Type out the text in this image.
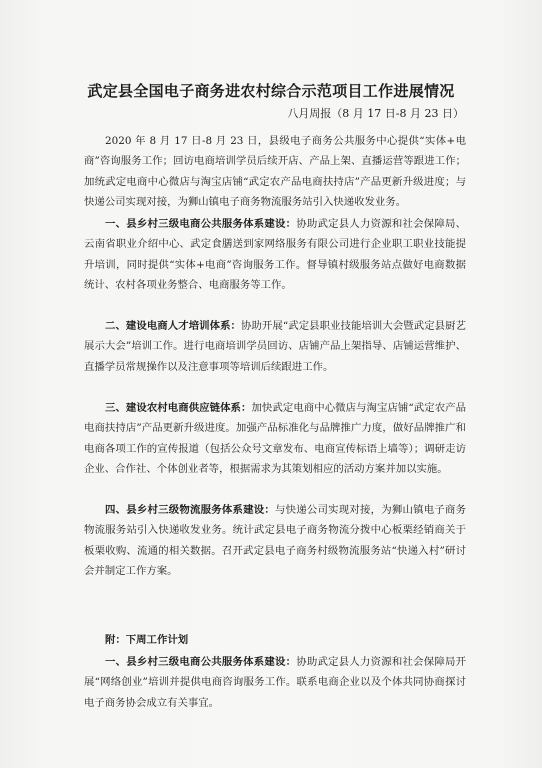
武定县全国电子商务进农村综合示范项目工作进展情况
八月周报（8 月 17 日-8 月 23 日）

2020 年 8 月 17 日-8 月 23 日，县级电子商务公共服务中心提供“实体+电商”咨询服务工作；回访电商培训学员后续开店、产品上架、直播运营等跟进工作；加统武定电商中心微店与淘宝店铺“武定农产品电商扶持店”产品更新升级进度；与快递公司实现对接，为狮山镇电子商务物流服务站引入快递收发业务。

一、县乡村三级电商公共服务体系建设：协助武定县人力资源和社会保障局、云南省职业介绍中心、武定食膳送到家网络服务有限公司进行企业职工职业技能提升培训，同时提供“实体+电商”咨询服务工作。督导镇村级服务站点做好电商数据统计、农村各项业务整合、电商服务等工作。

二、建设电商人才培训体系：协助开展“武定县职业技能培训大会暨武定县厨艺展示大会”培训工作。进行电商培训学员回访、店铺产品上架指导、店铺运营维护、直播学员常规操作以及注意事项等培训后续跟进工作。

三、建设农村电商供应链体系：加快武定电商中心微店与淘宝店铺“武定农产品电商扶持店”产品更新升级进度。加强产品标准化与品牌推广力度，做好品牌推广和电商各项工作的宣传报道（包括公众号文章发布、电商宣传标语上墙等）；调研走访企业、合作社、个体创业者等，根据需求为其策划相应的活动方案并加以实施。

四、县乡村三级物流服务体系建设：与快递公司实现对接，为狮山镇电子商务物流服务站引入快递收发业务。统计武定县电子商务物流分拨中心板栗经销商关于板栗收购、流通的相关数据。召开武定县电子商务村级物流服务站“快递入村”研讨会并制定工作方案。

附：下周工作计划

一、县乡村三级电商公共服务体系建设：协助武定县人力资源和社会保障局开展“网络创业”培训并提供电商咨询服务工作。联系电商企业以及个体共同协商探讨电子商务协会成立有关事宜。
